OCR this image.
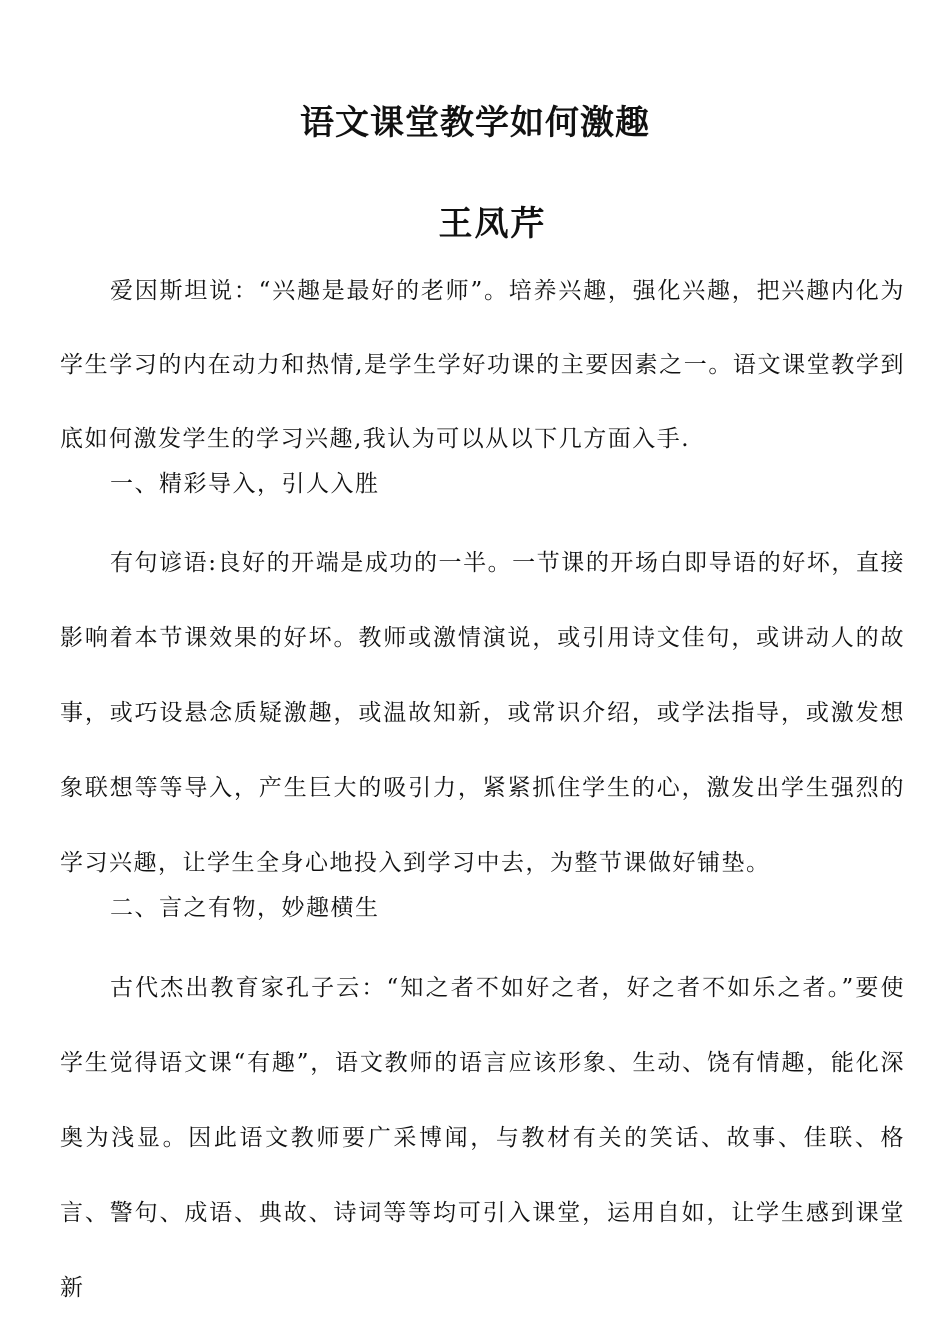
语文课堂教学如何激趣
王凤芹

爱因斯坦说：“兴趣是最好的老师”。培养兴趣，强化兴趣，把兴趣内化为学生学习的内在动力和热情,是学生学好功课的主要因素之一。语文课堂教学到底如何激发学生的学习兴趣,我认为可以从以下几方面入手.

一、精彩导入，引人入胜

有句谚语:良好的开端是成功的一半。一节课的开场白即导语的好坏，直接影响着本节课效果的好坏。教师或激情演说，或引用诗文佳句，或讲动人的故事，或巧设悬念质疑激趣，或温故知新，或常识介绍，或学法指导，或激发想象联想等等导入，产生巨大的吸引力，紧紧抓住学生的心，激发出学生强烈的学习兴趣，让学生全身心地投入到学习中去，为整节课做好铺垫。

二、言之有物，妙趣横生

古代杰出教育家孔子云：“知之者不如好之者，好之者不如乐之者。”要使学生觉得语文课“有趣”，语文教师的语言应该形象、生动、饶有情趣，能化深奥为浅显。因此语文教师要广采博闻，与教材有关的笑话、故事、佳联、格言、警句、成语、典故、诗词等等均可引入课堂，运用自如，让学生感到课堂新
